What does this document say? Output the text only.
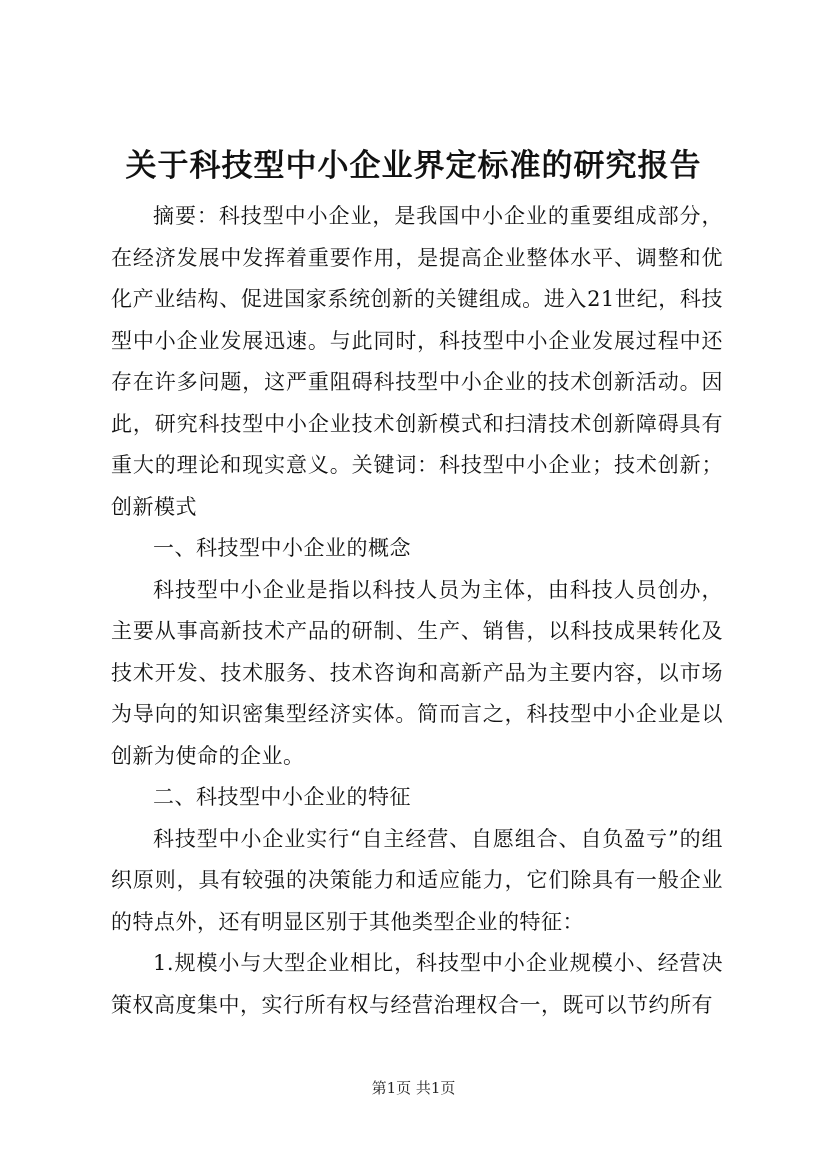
关于科技型中小企业界定标准的研究报告

摘要：科技型中小企业，是我国中小企业的重要组成部分，在经济发展中发挥着重要作用，是提高企业整体水平、调整和优化产业结构、促进国家系统创新的关键组成。进入21世纪，科技型中小企业发展迅速。与此同时，科技型中小企业发展过程中还存在许多问题，这严重阻碍科技型中小企业的技术创新活动。因此，研究科技型中小企业技术创新模式和扫清技术创新障碍具有重大的理论和现实意义。关键词：科技型中小企业；技术创新；创新模式

一、科技型中小企业的概念

科技型中小企业是指以科技人员为主体，由科技人员创办，主要从事高新技术产品的研制、生产、销售，以科技成果转化及技术开发、技术服务、技术咨询和高新产品为主要内容，以市场为导向的知识密集型经济实体。简而言之，科技型中小企业是以创新为使命的企业。

二、科技型中小企业的特征

科技型中小企业实行“自主经营、自愿组合、自负盈亏”的组织原则，具有较强的决策能力和适应能力，它们除具有一般企业的特点外，还有明显区别于其他类型企业的特征：

1.规模小与大型企业相比，科技型中小企业规模小、经营决策权高度集中，实行所有权与经营治理权合一，既可以节约所有

第1页 共1页
